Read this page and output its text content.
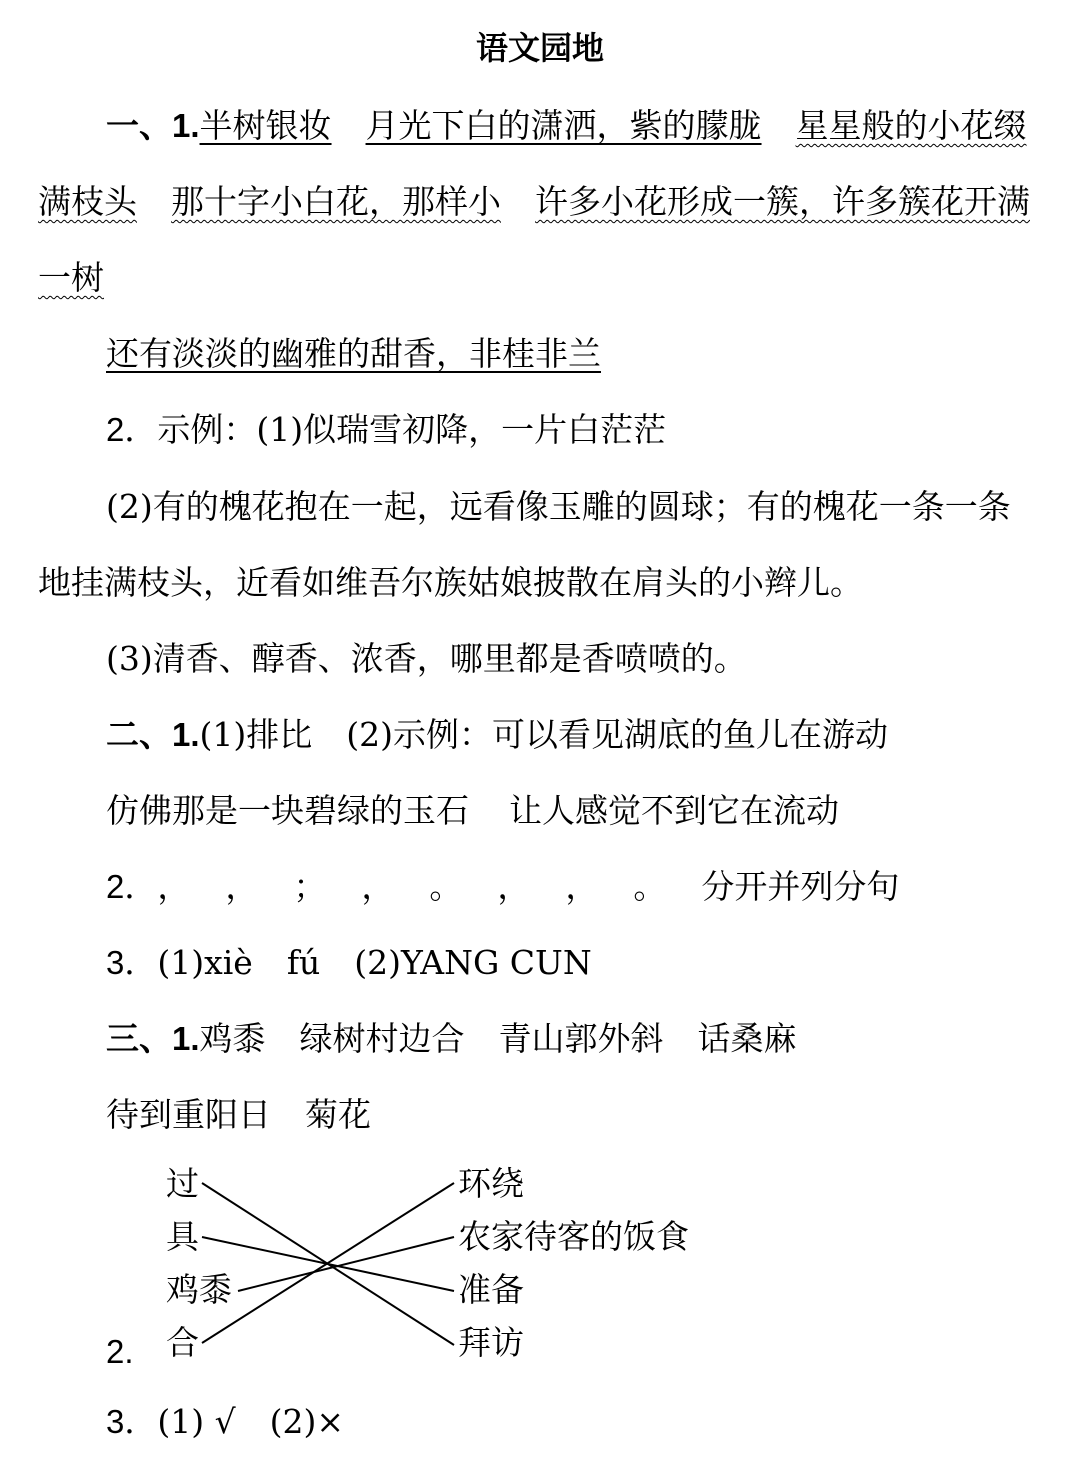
语文园地
一、1.半树银妆 月光下白的潇洒，紫的朦胧 星星般的小花缀
满枝头 那十字小白花，那样小 许多小花形成一簇，许多簇花开满
一树
还有淡淡的幽雅的甜香，非桂非兰
2．示例：(1)似瑞雪初降，一片白茫茫
(2)有的槐花抱在一起，远看像玉雕的圆球；有的槐花一条一条
地挂满枝头，近看如维吾尔族姑娘披散在肩头的小辫儿。
(3)清香、醇香、浓香，哪里都是香喷喷的。
二、1.(1)排比 (2)示例：可以看见湖底的鱼儿在游动
仿佛那是一块碧绿的玉石 让人感觉不到它在流动
2．， ， ； ， 。 ， ， 。 分开并列分句
3．(1)xiè fú (2)YANG CUN
三、1.鸡黍 绿树村边合 青山郭外斜 话桑麻
待到重阳日 菊花
过
具
鸡黍
合
环绕
农家待客的饭食
准备
拜访
2.
3．(1) √ (2)×
